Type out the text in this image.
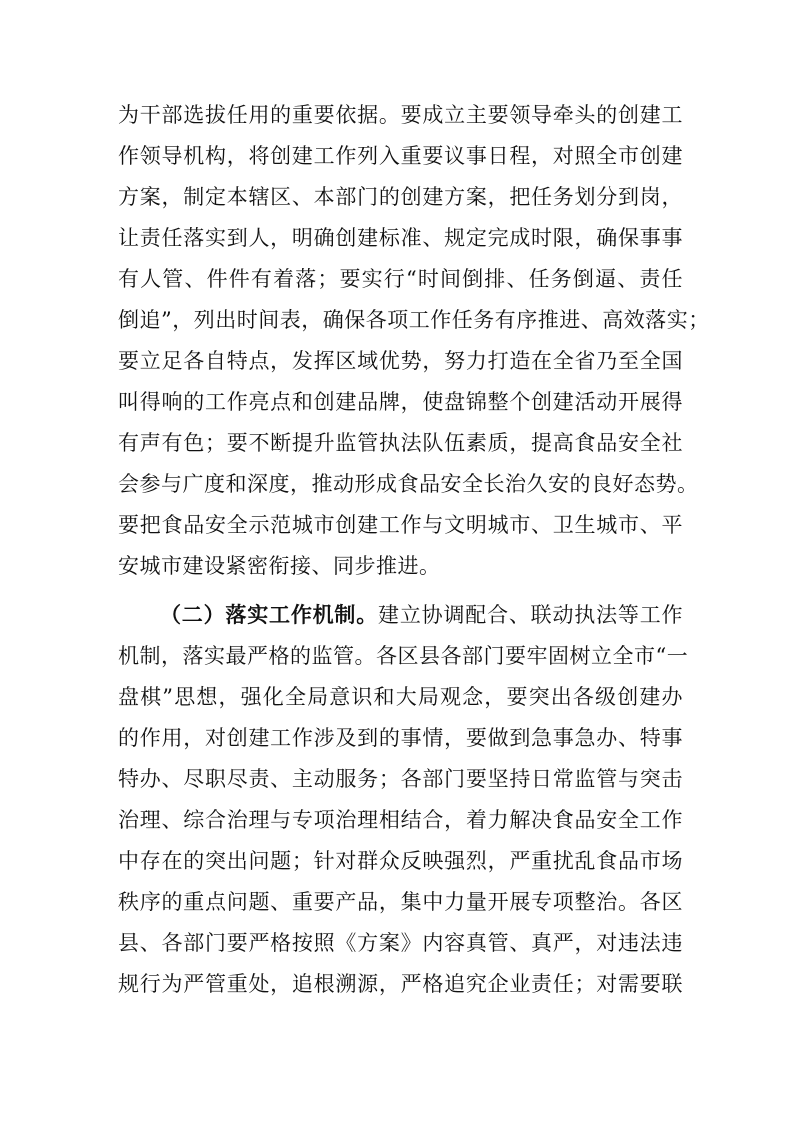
为干部选拔任用的重要依据。要成立主要领导牵头的创建工
作领导机构，将创建工作列入重要议事日程，对照全市创建
方案，制定本辖区、本部门的创建方案，把任务划分到岗，
让责任落实到人，明确创建标准、规定完成时限，确保事事
有人管、件件有着落；要实行“时间倒排、任务倒逼、责任
倒追”，列出时间表，确保各项工作任务有序推进、高效落实；
要立足各自特点，发挥区域优势，努力打造在全省乃至全国
叫得响的工作亮点和创建品牌，使盘锦整个创建活动开展得
有声有色；要不断提升监管执法队伍素质，提高食品安全社
会参与广度和深度，推动形成食品安全长治久安的良好态势。
要把食品安全示范城市创建工作与文明城市、卫生城市、平
安城市建设紧密衔接、同步推进。
（二）落实工作机制。建立协调配合、联动执法等工作
机制，落实最严格的监管。各区县各部门要牢固树立全市“一
盘棋”思想，强化全局意识和大局观念，要突出各级创建办
的作用，对创建工作涉及到的事情，要做到急事急办、特事
特办、尽职尽责、主动服务；各部门要坚持日常监管与突击
治理、综合治理与专项治理相结合，着力解决食品安全工作
中存在的突出问题；针对群众反映强烈，严重扰乱食品市场
秩序的重点问题、重要产品，集中力量开展专项整治。各区
县、各部门要严格按照《方案》内容真管、真严，对违法违
规行为严管重处，追根溯源，严格追究企业责任；对需要联
